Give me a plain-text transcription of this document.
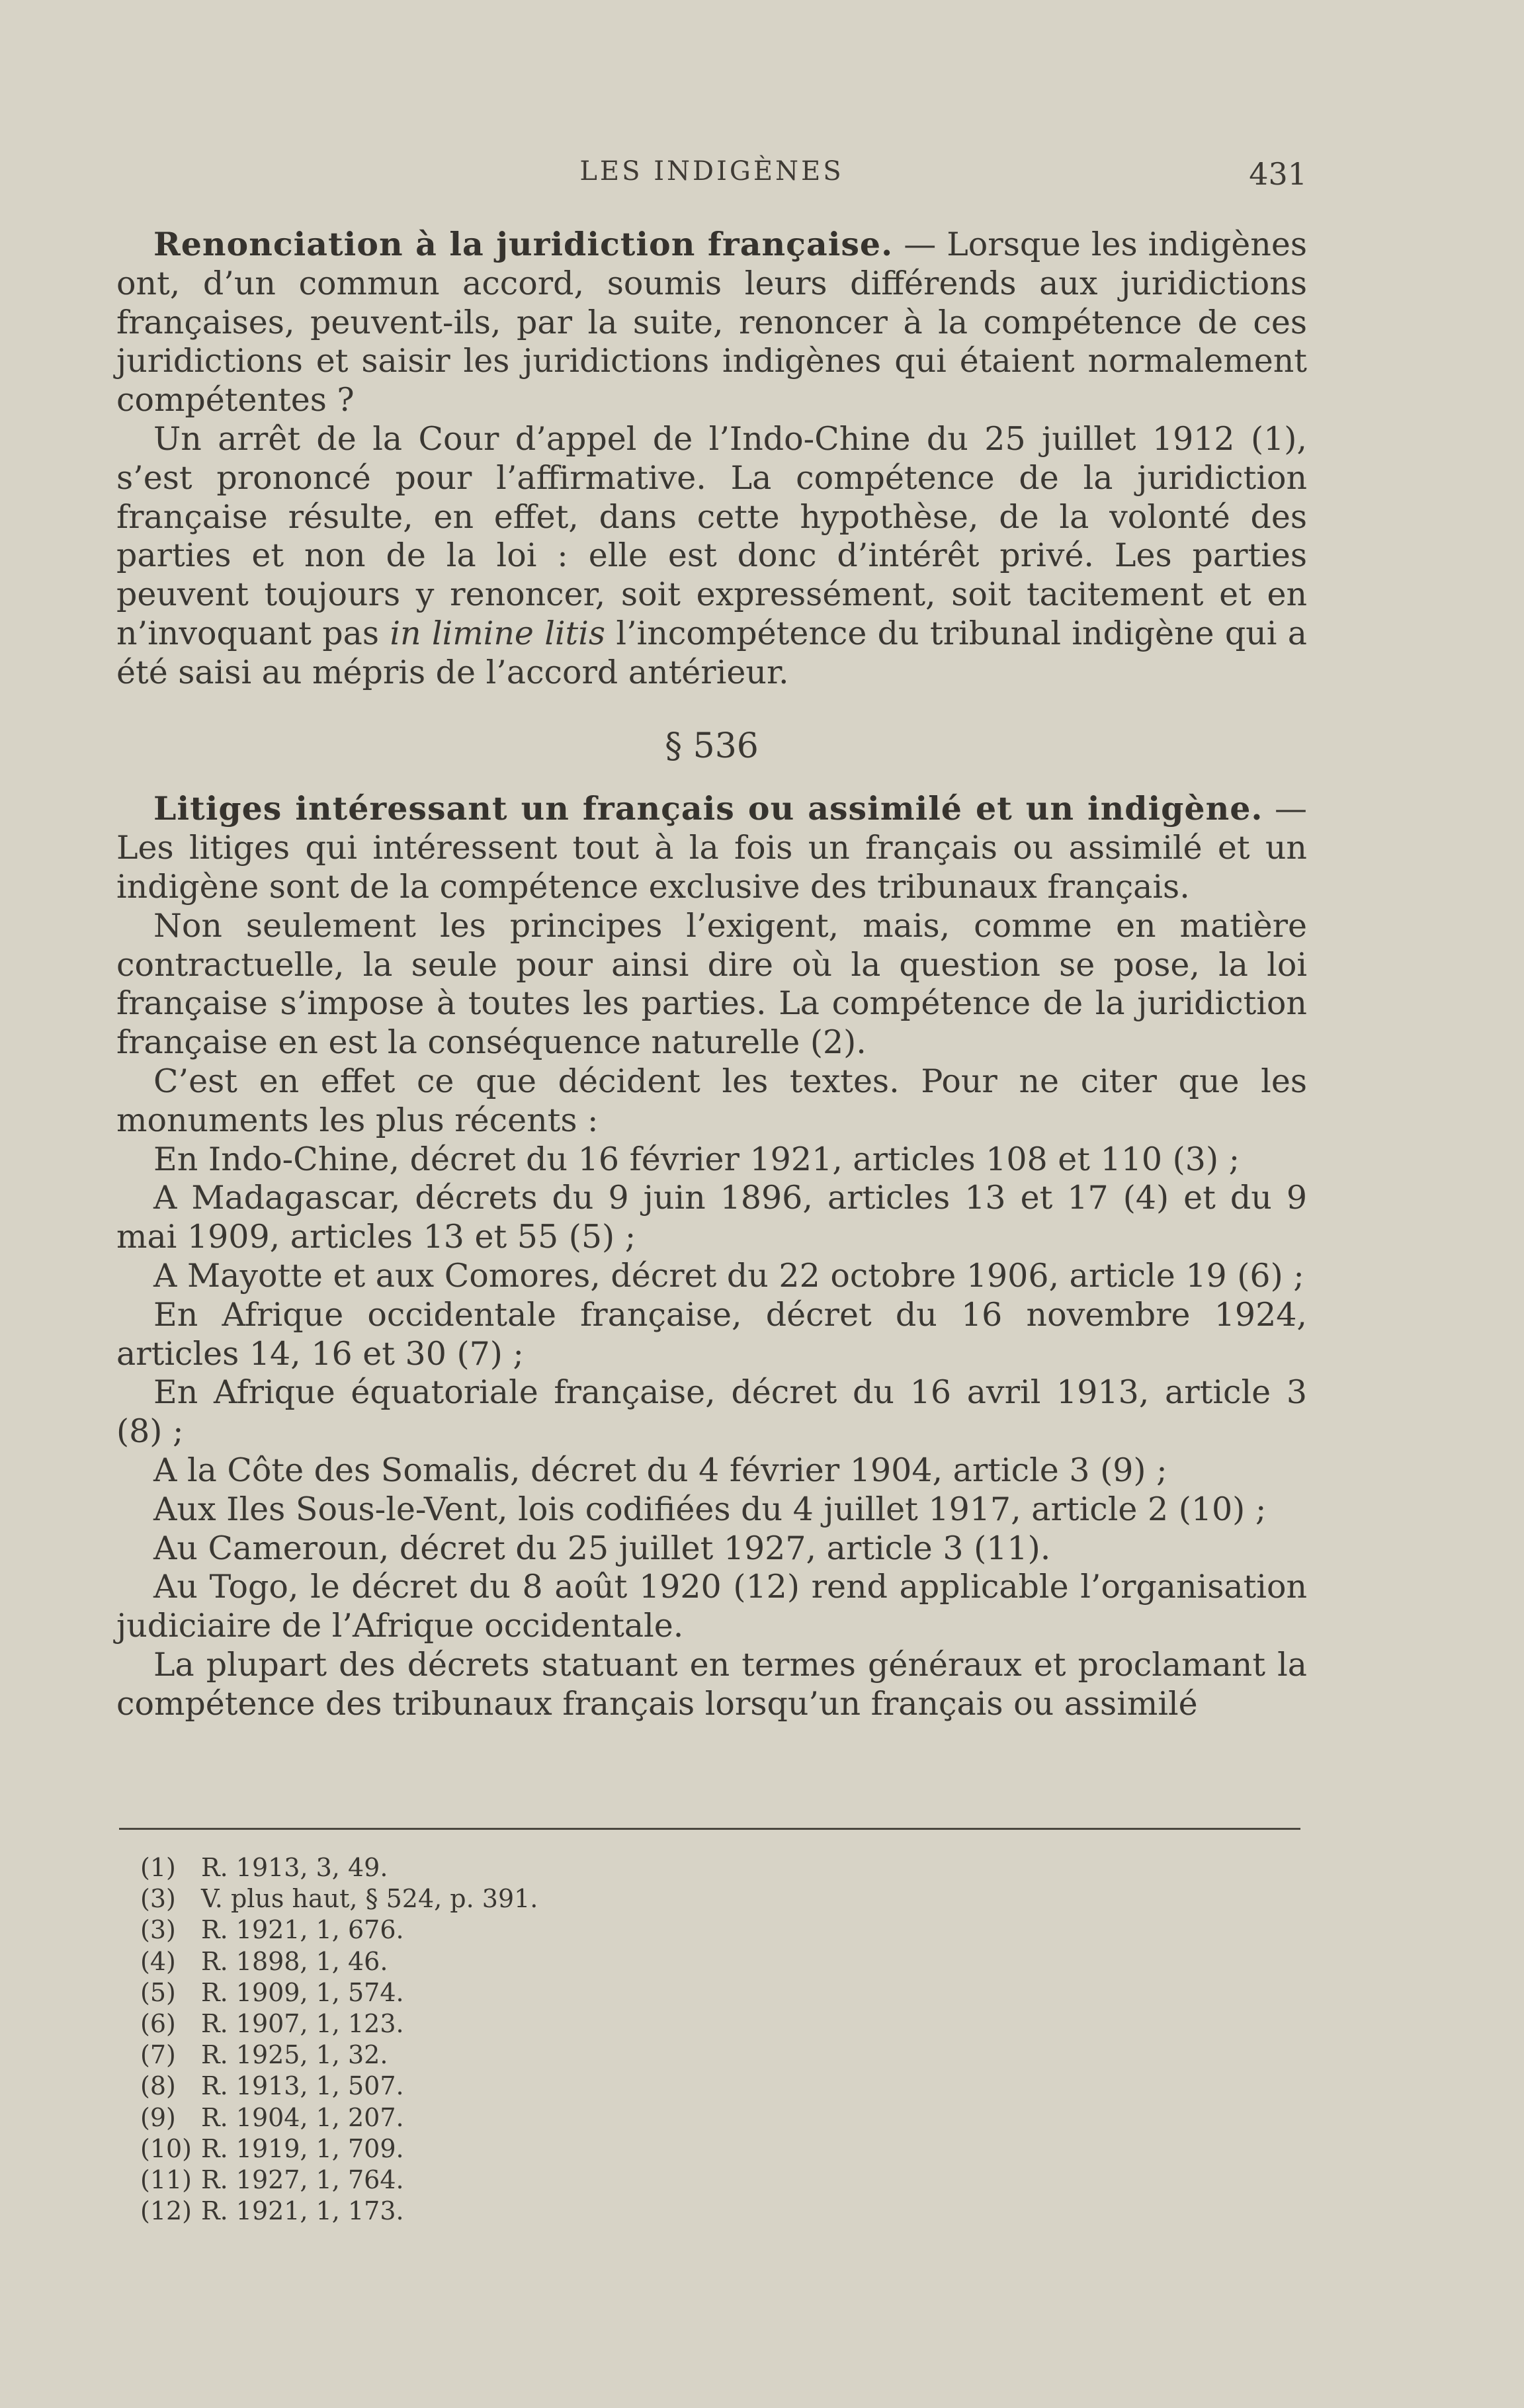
LES INDIGÈNES	431

Renonciation à la juridiction française. — Lorsque les indigènes ont, d’un commun accord, soumis leurs différends aux juridictions françaises, peuvent-ils, par la suite, renoncer à la compétence de ces juridictions et saisir les juridictions indigènes qui étaient normalement compétentes ?

Un arrêt de la Cour d’appel de l’Indo-Chine du 25 juillet 1912 (1), s’est prononcé pour l’affirmative. La compétence de la juridiction française résulte, en effet, dans cette hypothèse, de la volonté des parties et non de la loi : elle est donc d’intérêt privé. Les parties peuvent toujours y renoncer, soit expressément, soit tacitement et en n’invoquant pas in limine litis l’incompétence du tribunal indigène qui a été saisi au mépris de l’accord antérieur.

§ 536

Litiges intéressant un français ou assimilé et un indigène. — Les litiges qui intéressent tout à la fois un français ou assimilé et un indigène sont de la compétence exclusive des tribunaux français.

Non seulement les principes l’exigent, mais, comme en matière contractuelle, la seule pour ainsi dire où la question se pose, la loi française s’impose à toutes les parties. La compétence de la juridiction française en est la conséquence naturelle (2).

C’est en effet ce que décident les textes. Pour ne citer que les monuments les plus récents :

En Indo-Chine, décret du 16 février 1921, articles 108 et 110 (3) ;

A Madagascar, décrets du 9 juin 1896, articles 13 et 17 (4) et du 9 mai 1909, articles 13 et 55 (5) ;

A Mayotte et aux Comores, décret du 22 octobre 1906, article 19 (6) ;

En Afrique occidentale française, décret du 16 novembre 1924, articles 14, 16 et 30 (7) ;

En Afrique équatoriale française, décret du 16 avril 1913, article 3 (8) ;

A la Côte des Somalis, décret du 4 février 1904, article 3 (9) ;

Aux Iles Sous-le-Vent, lois codifiées du 4 juillet 1917, article 2 (10) ;

Au Cameroun, décret du 25 juillet 1927, article 3 (11).

Au Togo, le décret du 8 août 1920 (12) rend applicable l’organisation judiciaire de l’Afrique occidentale.

La plupart des décrets statuant en termes généraux et proclamant la compétence des tribunaux français lorsqu’un français ou assimilé

(1) R. 1913, 3, 49.
(3) V. plus haut, § 524, p. 391.
(3) R. 1921, 1, 676.
(4) R. 1898, 1, 46.
(5) R. 1909, 1, 574.
(6) R. 1907, 1, 123.
(7) R. 1925, 1, 32.
(8) R. 1913, 1, 507.
(9) R. 1904, 1, 207.
(10) R. 1919, 1, 709.
(11) R. 1927, 1, 764.
(12) R. 1921, 1, 173.
